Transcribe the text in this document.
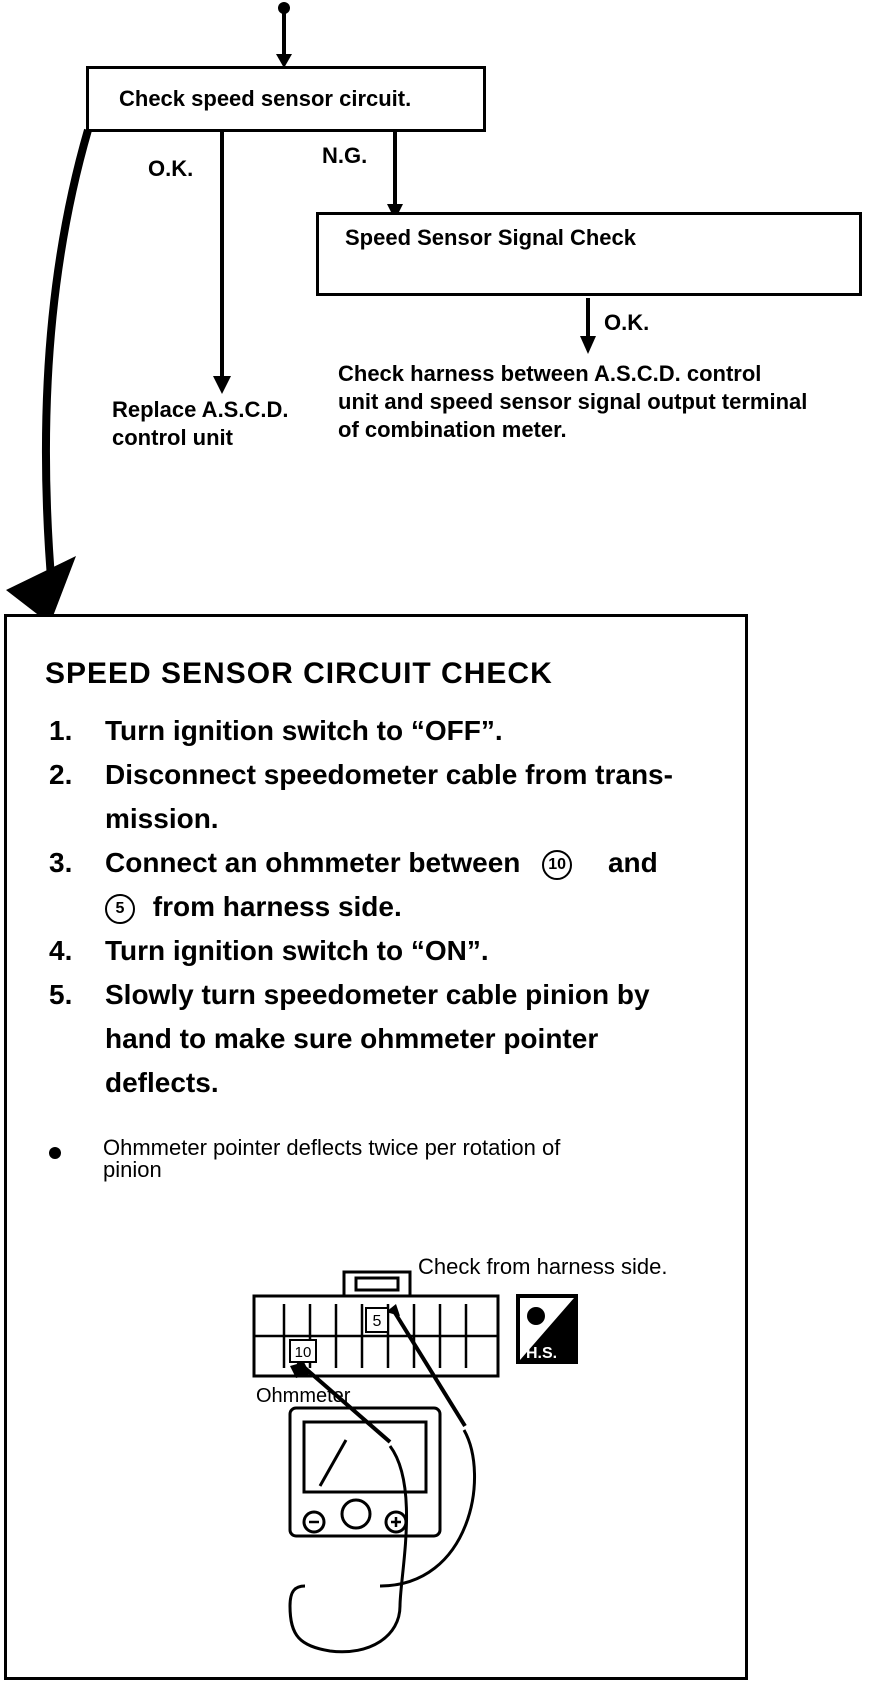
Check speed sensor circuit.
O.K.
N.G.
Speed Sensor Signal Check
O.K.
Replace A.S.C.D.
control unit
Check harness between A.S.C.D. control
unit and speed sensor signal output terminal
of combination meter.
SPEED SENSOR CIRCUIT CHECK
1.	Turn ignition switch to “OFF”.
2.	Disconnect speedometer cable from trans-
mission.
3.	Connect an ohmmeter between 10 and
5 from harness side.
4.	Turn ignition switch to “ON”.
5.	Slowly turn speedometer cable pinion by
hand to make sure ohmmeter pointer
deflects.
Ohmmeter pointer deflects twice per rotation of
pinion
Check from harness side.
10
5
H.S.
Ohmmeter
